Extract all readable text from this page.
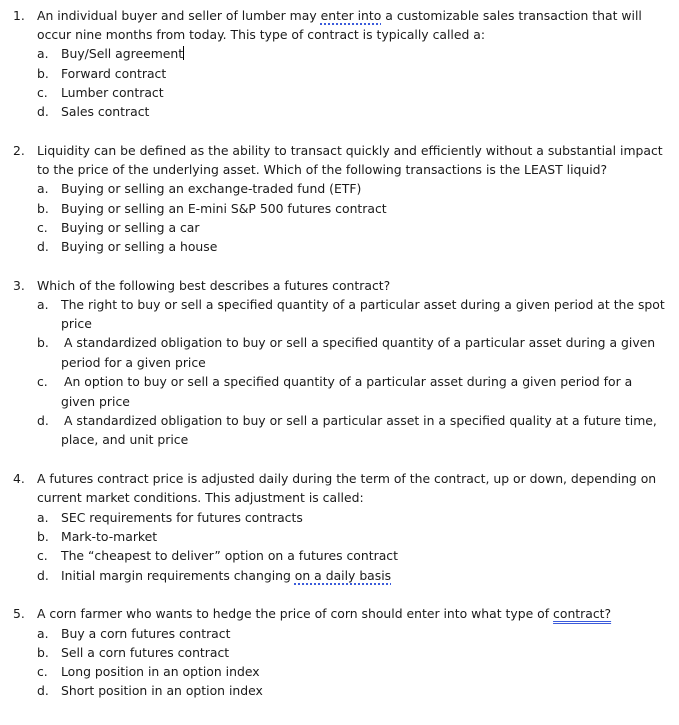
1. An individual buyer and seller of lumber may enter into a customizable sales transaction that will
occur nine months from today. This type of contract is typically called a:
a. Buy/Sell agreement
b. Forward contract
c. Lumber contract
d. Sales contract
2. Liquidity can be defined as the ability to transact quickly and efficiently without a substantial impact
to the price of the underlying asset. Which of the following transactions is the LEAST liquid?
a. Buying or selling an exchange-traded fund (ETF)
b. Buying or selling an E-mini S&P 500 futures contract
c. Buying or selling a car
d. Buying or selling a house
3. Which of the following best describes a futures contract?
a. The right to buy or sell a specified quantity of a particular asset during a given period at the spot
price
b. A standardized obligation to buy or sell a specified quantity of a particular asset during a given
period for a given price
c. An option to buy or sell a specified quantity of a particular asset during a given period for a
given price
d. A standardized obligation to buy or sell a particular asset in a specified quality at a future time,
place, and unit price
4. A futures contract price is adjusted daily during the term of the contract, up or down, depending on
current market conditions. This adjustment is called:
a. SEC requirements for futures contracts
b. Mark-to-market
c. The “cheapest to deliver” option on a futures contract
d. Initial margin requirements changing on a daily basis
5. A corn farmer who wants to hedge the price of corn should enter into what type of contract?
a. Buy a corn futures contract
b. Sell a corn futures contract
c. Long position in an option index
d. Short position in an option index
